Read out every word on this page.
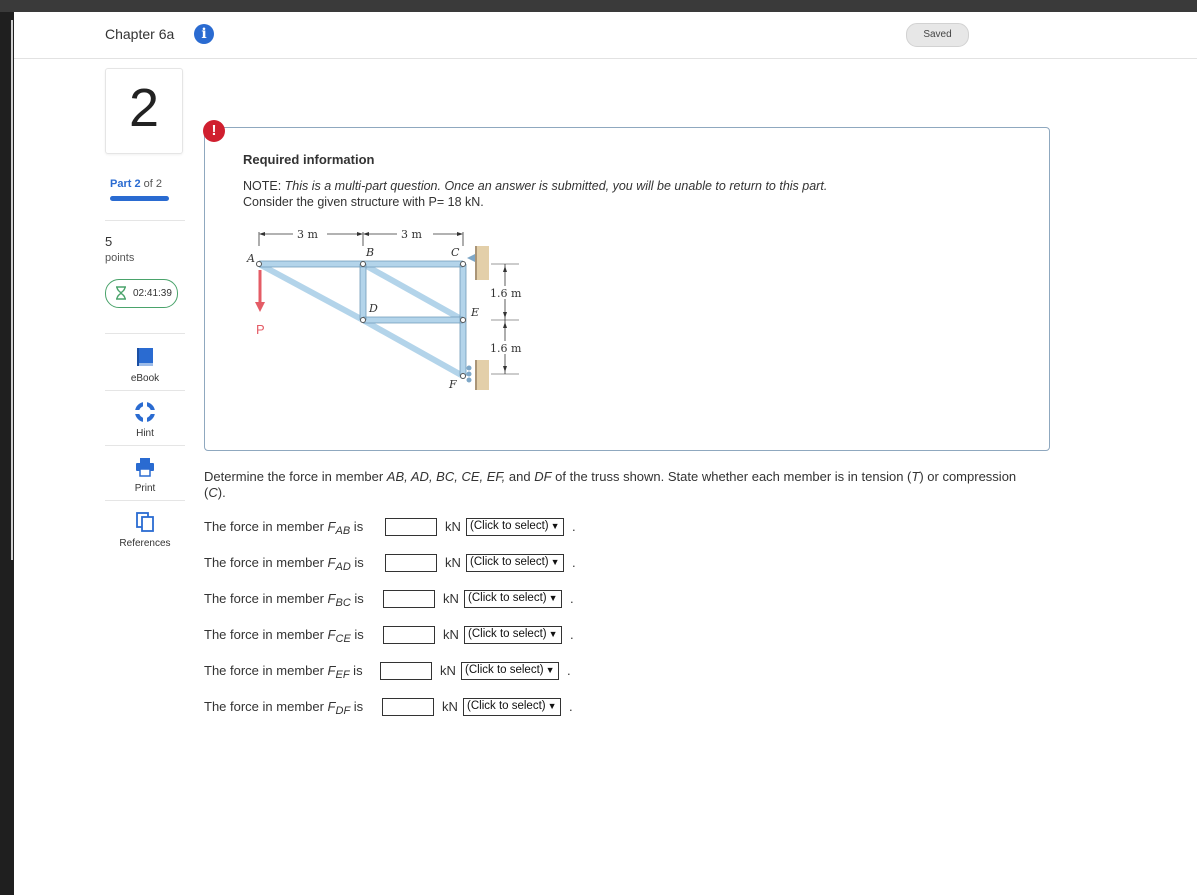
Chapter 6a	i	Saved
2
Part 2 of 2
5
points
02:41:39
eBook
Hint
Print
References
Required information
NOTE: This is a multi-part question. Once an answer is submitted, you will be unable to return to this part.
Consider the given structure with P= 18 kN.
3 m	3 m
A	B	C
D	E
F
1.6 m
1.6 m
P
!
Determine the force in member AB, AD, BC, CE, EF, and DF of the truss shown. State whether each member is in tension (T) or compression (C).
The force in member $F_{AB}$ is	kN (Click to select) ▼ .
The force in member $F_{AD}$ is	kN (Click to select) ▼ .
The force in member $F_{BC}$ is	kN (Click to select) ▼ .
The force in member $F_{CE}$ is	kN (Click to select) ▼ .
The force in member $F_{EF}$ is	kN (Click to select) ▼ .
The force in member $F_{DF}$ is	kN (Click to select) ▼ .
